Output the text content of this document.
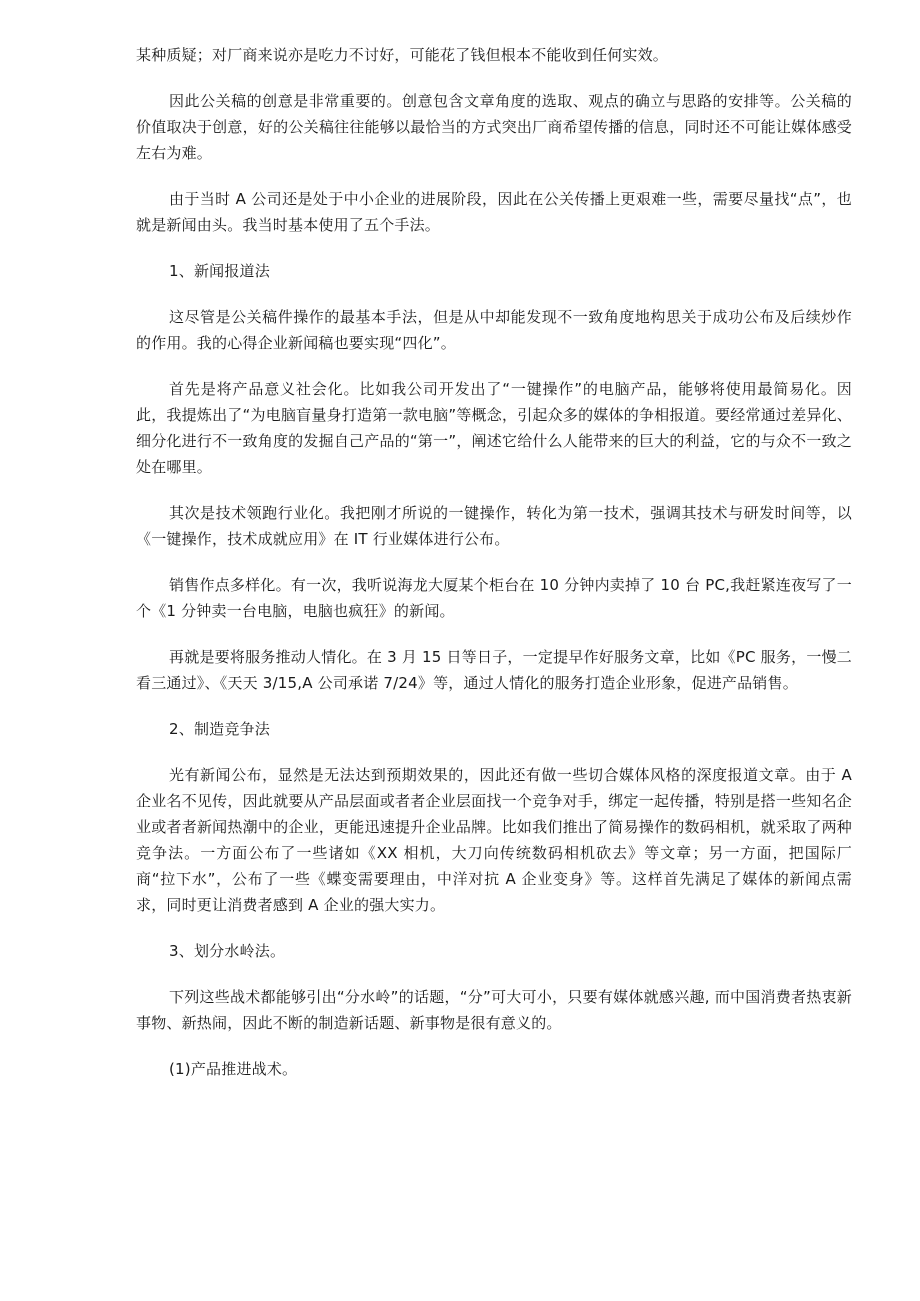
某种质疑；对厂商来说亦是吃力不讨好，可能花了钱但根本不能收到任何实效。

因此公关稿的创意是非常重要的。创意包含文章角度的选取、观点的确立与思路的安排等。公关稿的价值取决于创意，好的公关稿往往能够以最恰当的方式突出厂商希望传播的信息，同时还不可能让媒体感受左右为难。

由于当时 A 公司还是处于中小企业的进展阶段，因此在公关传播上更艰难一些，需要尽量找“点”，也就是新闻由头。我当时基本使用了五个手法。

1、新闻报道法

这尽管是公关稿件操作的最基本手法，但是从中却能发现不一致角度地构思关于成功公布及后续炒作的作用。我的心得企业新闻稿也要实现“四化”。

首先是将产品意义社会化。比如我公司开发出了“一键操作”的电脑产品，能够将使用最简易化。因此，我提炼出了“为电脑盲量身打造第一款电脑”等概念，引起众多的媒体的争相报道。要经常通过差异化、细分化进行不一致角度的发掘自己产品的“第一”，阐述它给什么人能带来的巨大的利益，它的与众不一致之处在哪里。

其次是技术领跑行业化。我把刚才所说的一键操作，转化为第一技术，强调其技术与研发时间等，以《一键操作，技术成就应用》在 IT 行业媒体进行公布。

销售作点多样化。有一次，我听说海龙大厦某个柜台在 10 分钟内卖掉了 10 台 PC,我赶紧连夜写了一个《1 分钟卖一台电脑，电脑也疯狂》的新闻。

再就是要将服务推动人情化。在 3 月 15 日等日子，一定提早作好服务文章，比如《PC 服务，一慢二看三通过》、《天天 3/15,A 公司承诺 7/24》等，通过人情化的服务打造企业形象，促进产品销售。

2、制造竞争法

光有新闻公布，显然是无法达到预期效果的，因此还有做一些切合媒体风格的深度报道文章。由于 A 企业名不见传，因此就要从产品层面或者者企业层面找一个竞争对手，绑定一起传播，特别是搭一些知名企业或者者新闻热潮中的企业，更能迅速提升企业品牌。比如我们推出了简易操作的数码相机，就采取了两种竞争法。一方面公布了一些诸如《XX 相机，大刀向传统数码相机砍去》等文章；另一方面，把国际厂商“拉下水”，公布了一些《蝶变需要理由，中洋对抗 A 企业变身》等。这样首先满足了媒体的新闻点需求，同时更让消费者感到 A 企业的强大实力。

3、划分水岭法。

下列这些战术都能够引出“分水岭”的话题，“分”可大可小，只要有媒体就感兴趣, 而中国消费者热衷新事物、新热闹，因此不断的制造新话题、新事物是很有意义的。

(1)产品推进战术。
